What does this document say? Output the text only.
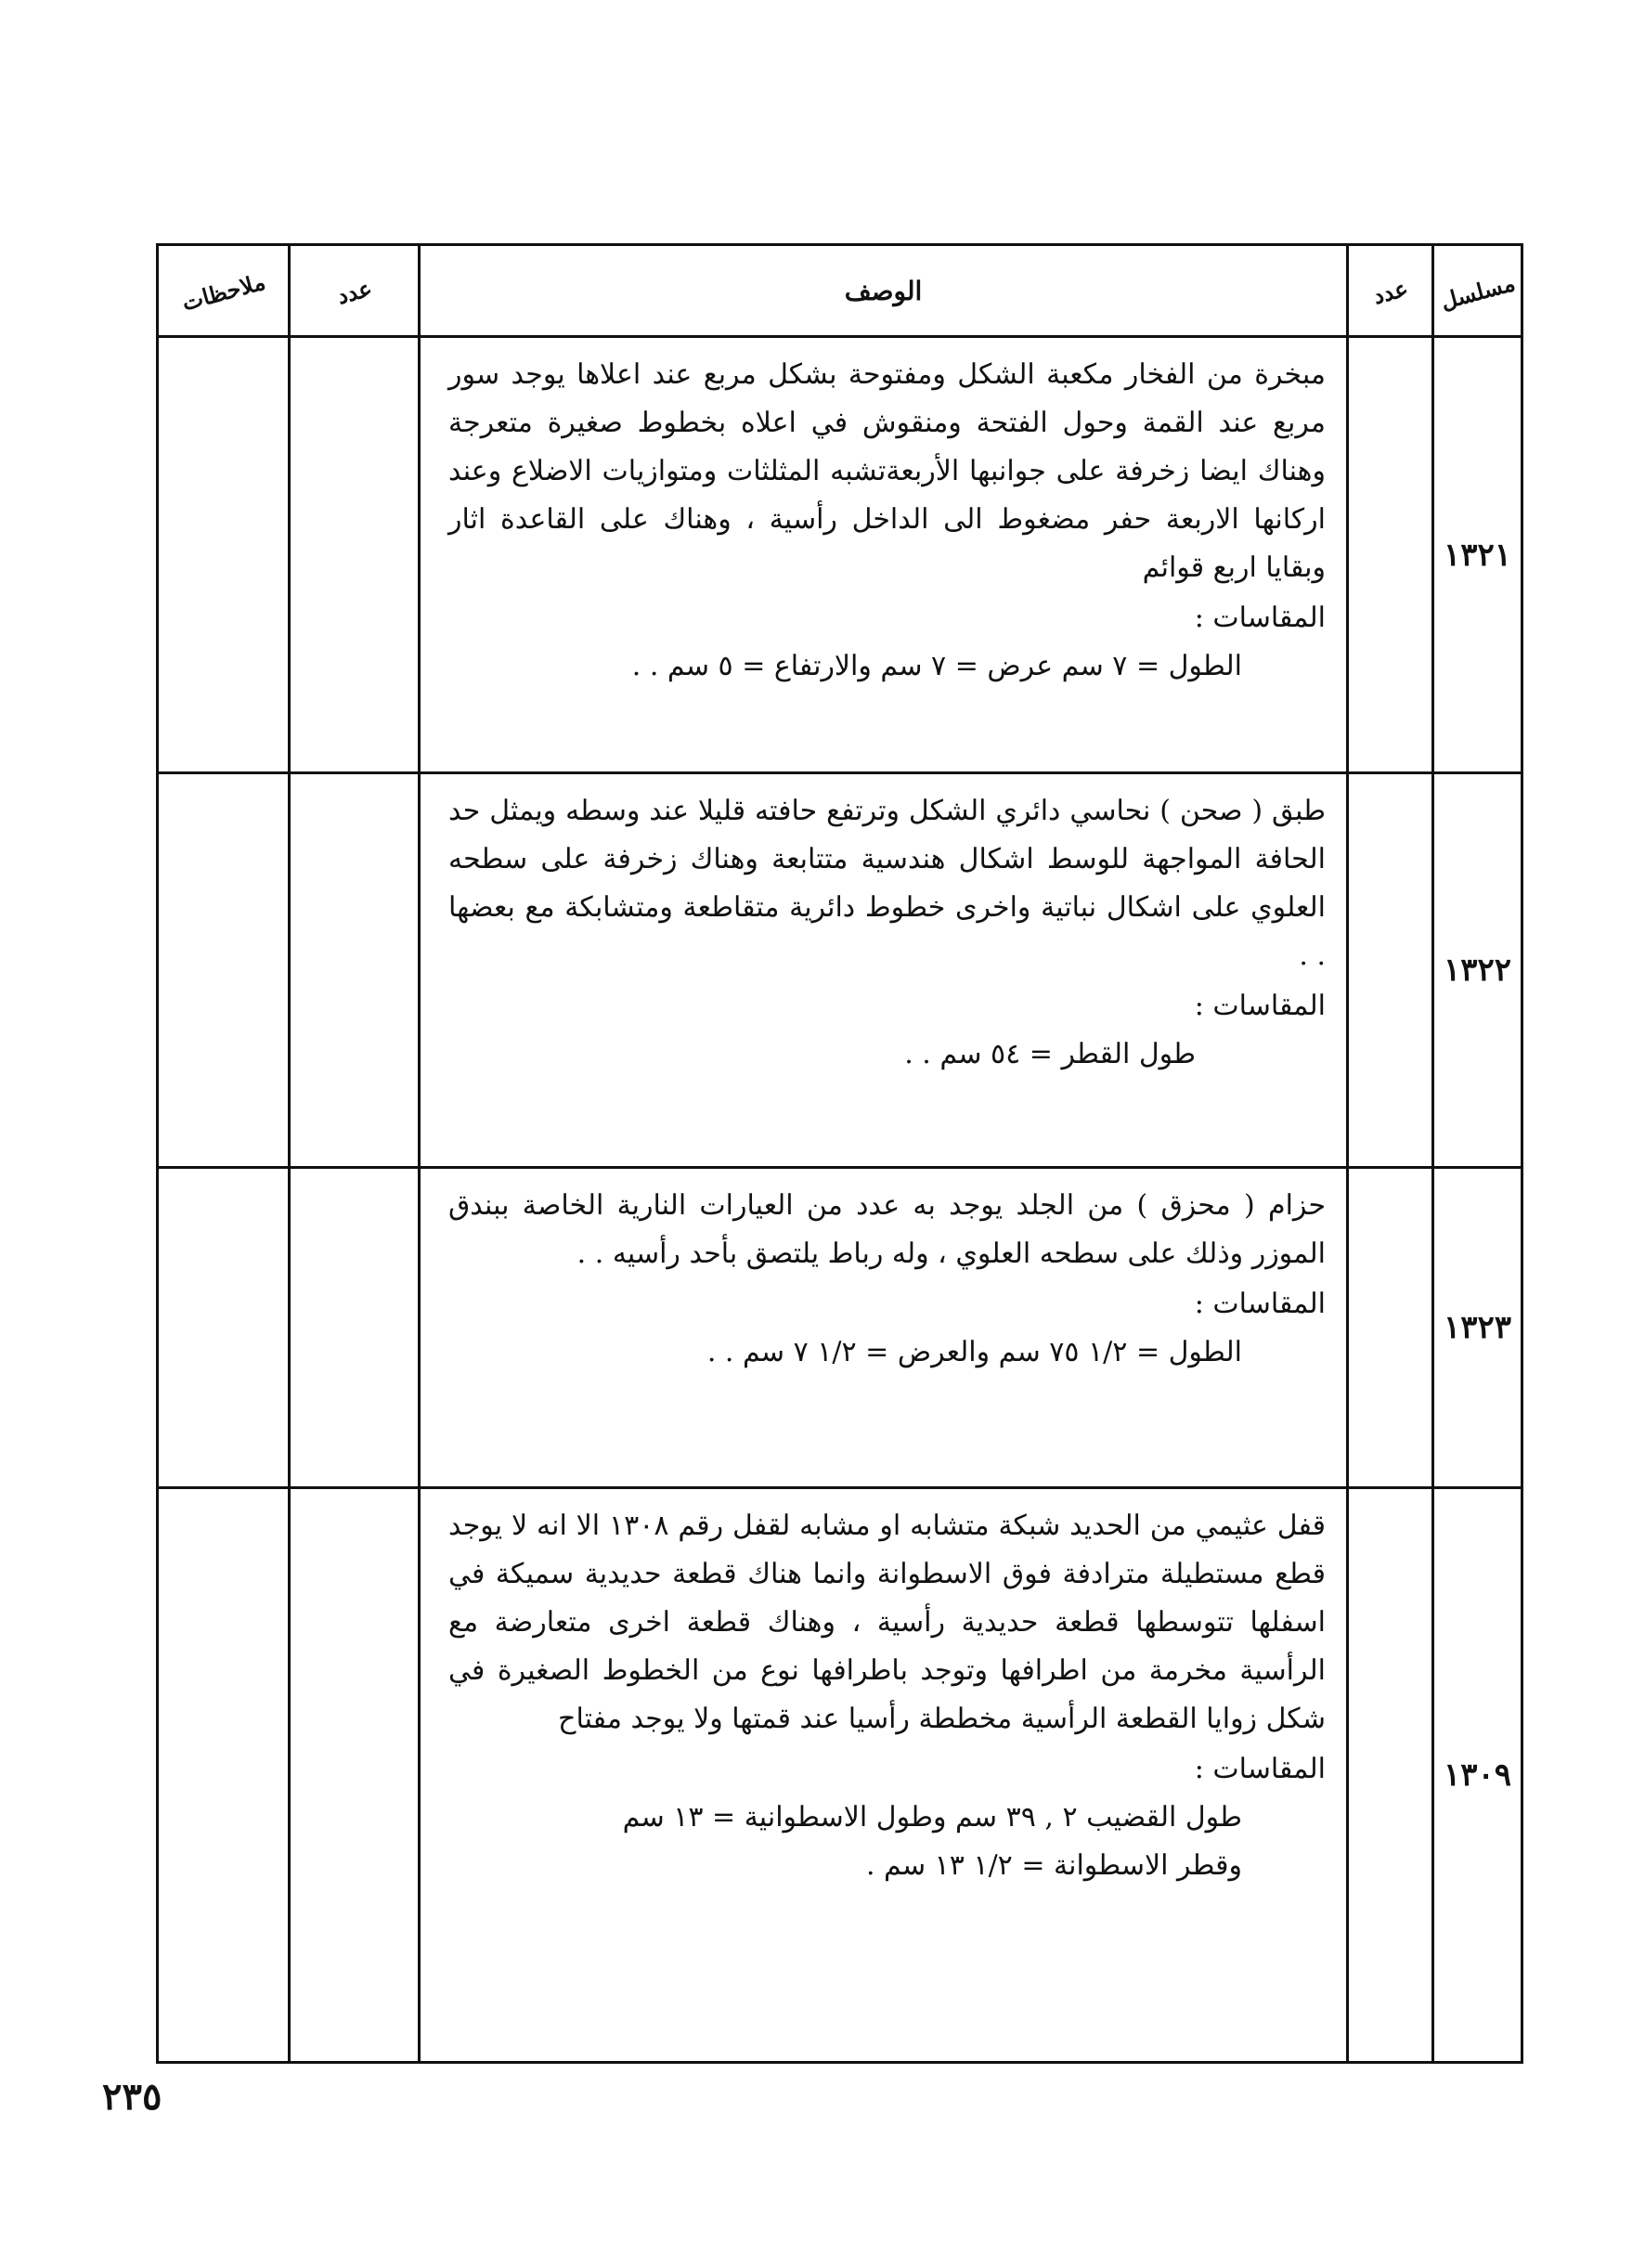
مسلسل	عدد	الوصف	عدد	ملاحظات
١٣٢١		مبخرة من الفخار مكعبة الشكل ومفتوحة بشكل مربع عند اعلاها يوجد سور مربع عند القمة وحول الفتحة ومنقوش في اعلاه بخطوط صغيرة متعرجة وهناك ايضا زخرفة على جوانبها الأربعةتشبه المثلثات ومتوازيات الاضلاع وعند اركانها الاربعة حفر مضغوط الى الداخل رأسية ، وهناك على القاعدة اثار وبقايا اربع قوائم
المقاسات :
الطول = ٧ سم عرض = ٧ سم والارتفاع = ٥ سم . .		

١٣٢٢		طبق ( صحن ) نحاسي دائري الشكل وترتفع حافته قليلا عند وسطه ويمثل حد الحافة المواجهة للوسط اشكال هندسية متتابعة وهناك زخرفة على سطحه العلوي على اشكال نباتية واخرى خطوط دائرية متقاطعة ومتشابكة مع بعضها . .
المقاسات :
طول القطر = ٥٤ سم . .		

١٣٢٣		حزام ( محزق ) من الجلد يوجد به عدد من العيارات النارية الخاصة ببندق الموزر وذلك على سطحه العلوي ، وله رباط يلتصق بأحد رأسيه . .
المقاسات :
الطول = ١/٢ ٧٥ سم والعرض = ١/٢ ٧ سم . .		

١٣٠٩		قفل عثيمي من الحديد شبكة متشابه او مشابه لقفل رقم ١٣٠٨ الا انه لا يوجد قطع مستطيلة مترادفة فوق الاسطوانة وانما هناك قطعة حديدية سميكة في اسفلها تتوسطها قطعة حديدية رأسية ، وهناك قطعة اخرى متعارضة مع الرأسية مخرمة من اطرافها وتوجد باطرافها نوع من الخطوط الصغيرة في شكل زوايا القطعة الرأسية مخططة رأسيا عند قمتها ولا يوجد مفتاح
المقاسات :
طول القضيب ٢ , ٣٩ سم وطول الاسطوانية = ١٣ سم
وقطر الاسطوانة = ١/٢ ١٣ سم .		

٢٣٥
